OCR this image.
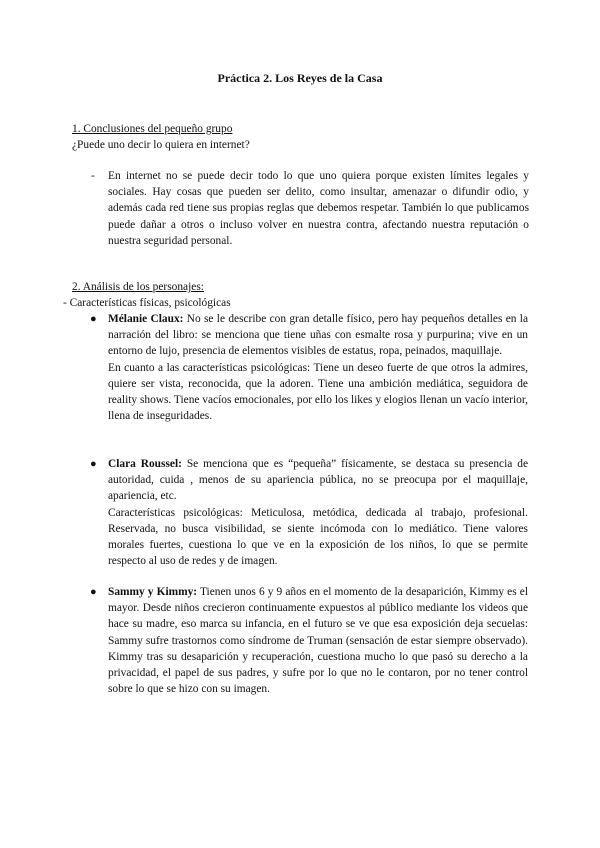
Práctica 2. Los Reyes de la Casa
1. Conclusiones del pequeño grupo
¿Puede uno decir lo quiera en internet?
- En internet no se puede decir todo lo que uno quiera porque existen límites legales y sociales. Hay cosas que pueden ser delito, como insultar, amenazar o difundir odio, y además cada red tiene sus propias reglas que debemos respetar. También lo que publicamos puede dañar a otros o incluso volver en nuestra contra, afectando nuestra reputación o nuestra seguridad personal.
2. Análisis de los personajes:
- Características físicas, psicológicas
● Mélanie Claux: No se le describe con gran detalle físico, pero hay pequeños detalles en la narración del libro: se menciona que tiene uñas con esmalte rosa y purpurina; vive en un entorno de lujo, presencia de elementos visibles de estatus, ropa, peinados, maquillaje.

En cuanto a las características psicológicas: Tiene un deseo fuerte de que otros la admires, quiere ser vista, reconocida, que la adoren. Tiene una ambición mediática, seguidora de reality shows. Tiene vacíos emocionales, por ello los likes y elogios llenan un vacío interior, llena de inseguridades.

● Clara Roussel: Se menciona que es “pequeña” físicamente, se destaca su presencia de autoridad, cuida , menos de su apariencia pública, no se preocupa por el maquillaje, apariencia, etc.

Características psicológicas: Meticulosa, metódica, dedicada al trabajo, profesional. Reservada, no busca visibilidad, se siente incómoda con lo mediático. Tiene valores morales fuertes, cuestiona lo que ve en la exposición de los niños, lo que se permite respecto al uso de redes y de imagen.

● Sammy y Kimmy: Tienen unos 6 y 9 años en el momento de la desaparición, Kimmy es el mayor. Desde niños crecieron continuamente expuestos al público mediante los videos que hace su madre, eso marca su infancia, en el futuro se ve que esa exposición deja secuelas: Sammy sufre trastornos como síndrome de Truman (sensación de estar siempre observado). Kimmy tras su desaparición y recuperación, cuestiona mucho lo que pasó su derecho a la privacidad, el papel de sus padres, y sufre por lo que no le contaron, por no tener control sobre lo que se hizo con su imagen.
